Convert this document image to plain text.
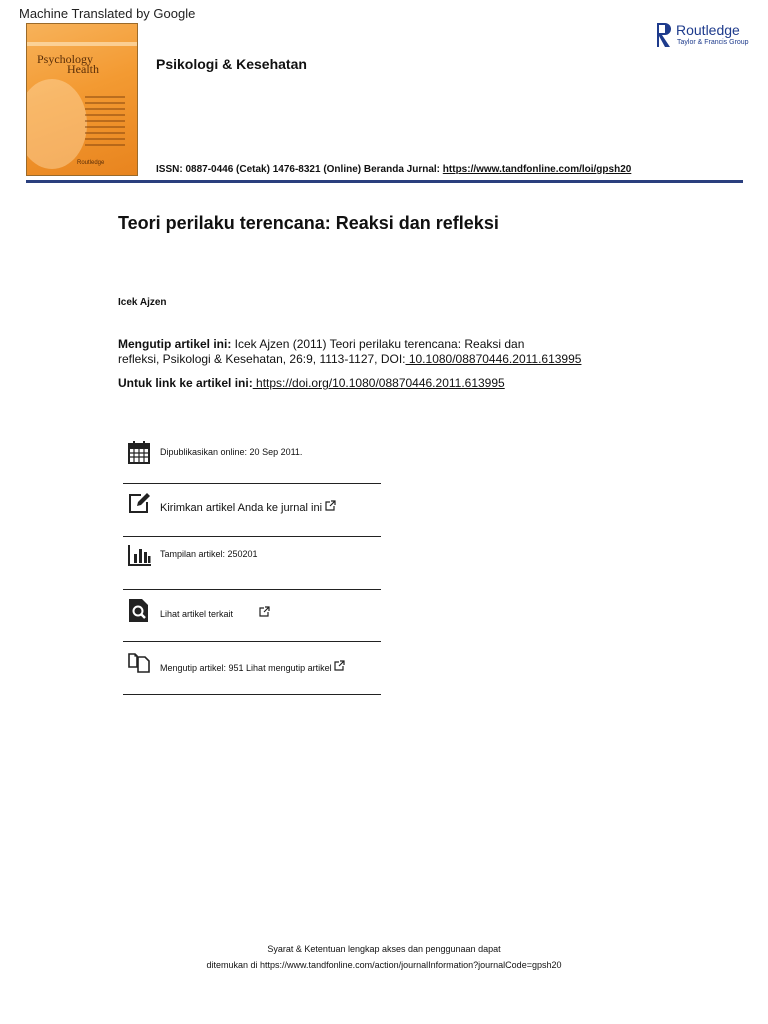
Machine Translated by Google
Psychology
Health
Routledge
Psikologi & Kesehatan
Routledge
Taylor & Francis Group
ISSN: 0887-0446 (Cetak) 1476-8321 (Online) Beranda Jurnal: https://www.tandfonline.com/loi/gpsh20
Teori perilaku terencana: Reaksi dan refleksi
Icek Ajzen
Mengutip artikel ini: Icek Ajzen (2011) Teori perilaku terencana: Reaksi dan
refleksi, Psikologi & Kesehatan, 26:9, 1113-1127, DOI: 10.1080/08870446.2011.613995
Untuk link ke artikel ini: https://doi.org/10.1080/08870446.2011.613995
Dipublikasikan online: 20 Sep 2011.
Kirimkan artikel Anda ke jurnal ini
Tampilan artikel: 250201
Lihat artikel terkait
Mengutip artikel: 951 Lihat mengutip artikel
Syarat & Ketentuan lengkap akses dan penggunaan dapat
ditemukan di https://www.tandfonline.com/action/journalInformation?journalCode=gpsh20
